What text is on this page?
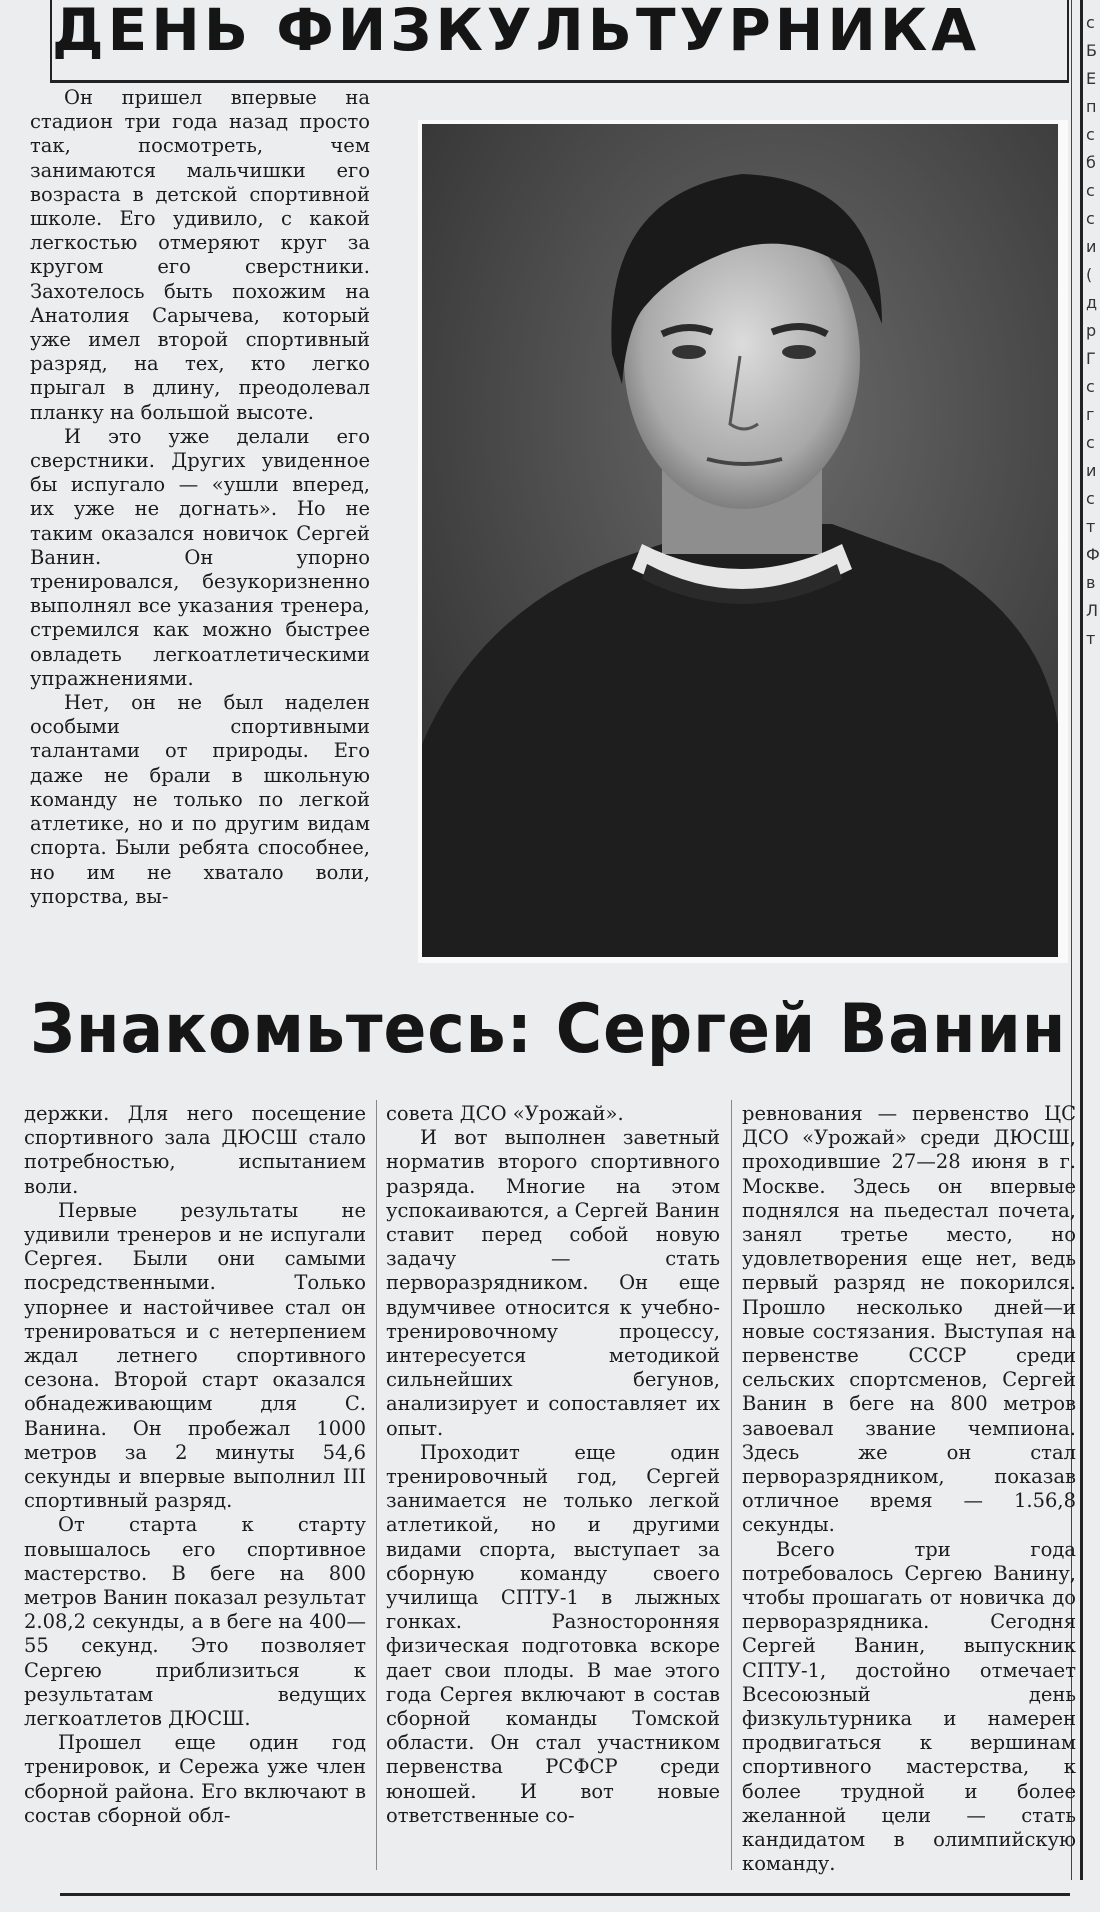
ДЕНЬ ФИЗКУЛЬТУРНИКА	с
Б
Е
п
с
б
с
с
и
(
д
р
Г
с
г
с
и
с
т
Ф
в
Л
т

Он пришел впервые на стадион три года назад просто так, посмотреть, чем занимаются мальчишки его возраста в детской спортивной школе. Его удивило, с какой легкостью отмеряют круг за кругом его сверстники. Захотелось быть похожим на Анатолия Сарычева, который уже имел второй спортивный разряд, на тех, кто легко прыгал в длину, преодолевал планку на большой высоте.

И это уже делали его сверстники. Других увиденное бы испугало — «ушли вперед, их уже не догнать». Но не таким оказался новичок Сергей Ванин. Он упорно тренировался, безукоризненно выполнял все указания тренера, стремился как можно быстрее овладеть легкоатлетическими упражнениями.

Нет, он не был наделен особыми спортивными талантами от природы. Его даже не брали в школьную команду не только по легкой атлетике, но и по другим видам спорта. Были ребята способнее, но им не хватало воли, упорства, вы-

Знакомьтесь: Сергей Ванин

держки. Для него посещение спортивного зала ДЮСШ стало потребностью, испытанием воли.

Первые результаты не удивили тренеров и не испугали Сергея. Были они самыми посредственными. Только упорнее и настойчивее стал он тренироваться и с нетерпением ждал летнего спортивного сезона. Второй старт оказался обнадеживающим для С. Ванина. Он пробежал 1000 метров за 2 минуты 54,6 секунды и впервые выполнил III спортивный разряд.

От старта к старту повышалось его спортивное мастерство. В беге на 800 метров Ванин показал результат 2.08,2 секунды, а в беге на 400—55 секунд. Это позволяет Сергею приблизиться к результатам ведущих легкоатлетов ДЮСШ.

Прошел еще один год тренировок, и Сережа уже член сборной района. Его включают в состав сборной обл-

совета ДСО «Урожай».

И вот выполнен заветный норматив второго спортивного разряда. Многие на этом успокаиваются, а Сергей Ванин ставит перед собой новую задачу — стать перворазрядником. Он еще вдумчивее относится к учебно-тренировочному процессу, интересуется методикой сильнейших бегунов, анализирует и сопоставляет их опыт.

Проходит еще один тренировочный год, Сергей занимается не только легкой атлетикой, но и другими видами спорта, выступает за сборную команду своего училища СПТУ-1 в лыжных гонках. Разносторонняя физическая подготовка вскоре дает свои плоды. В мае этого года Сергея включают в состав сборной команды Томской области. Он стал участником первенства РСФСР среди юношей. И вот новые ответственные со-

ревнования — первенство ЦС ДСО «Урожай» среди ДЮСШ, проходившие 27—28 июня в г. Москве. Здесь он впервые поднялся на пьедестал почета, занял третье место, но удовлетворения еще нет, ведь первый разряд не покорился. Прошло несколько дней—и новые состязания. Выступая на первенстве СССР среди сельских спортсменов, Сергей Ванин в беге на 800 метров завоевал звание чемпиона. Здесь же он стал перворазрядником, показав отличное время — 1.56,8 секунды.

Всего три года потребовалось Сергею Ванину, чтобы прошагать от новичка до перворазрядника. Сегодня Сергей Ванин, выпускник СПТУ-1, достойно отмечает Всесоюзный день физкультурника и намерен продвигаться к вершинам спортивного мастерства, к более трудной и более желанной цели — стать кандидатом в олимпийскую команду.
